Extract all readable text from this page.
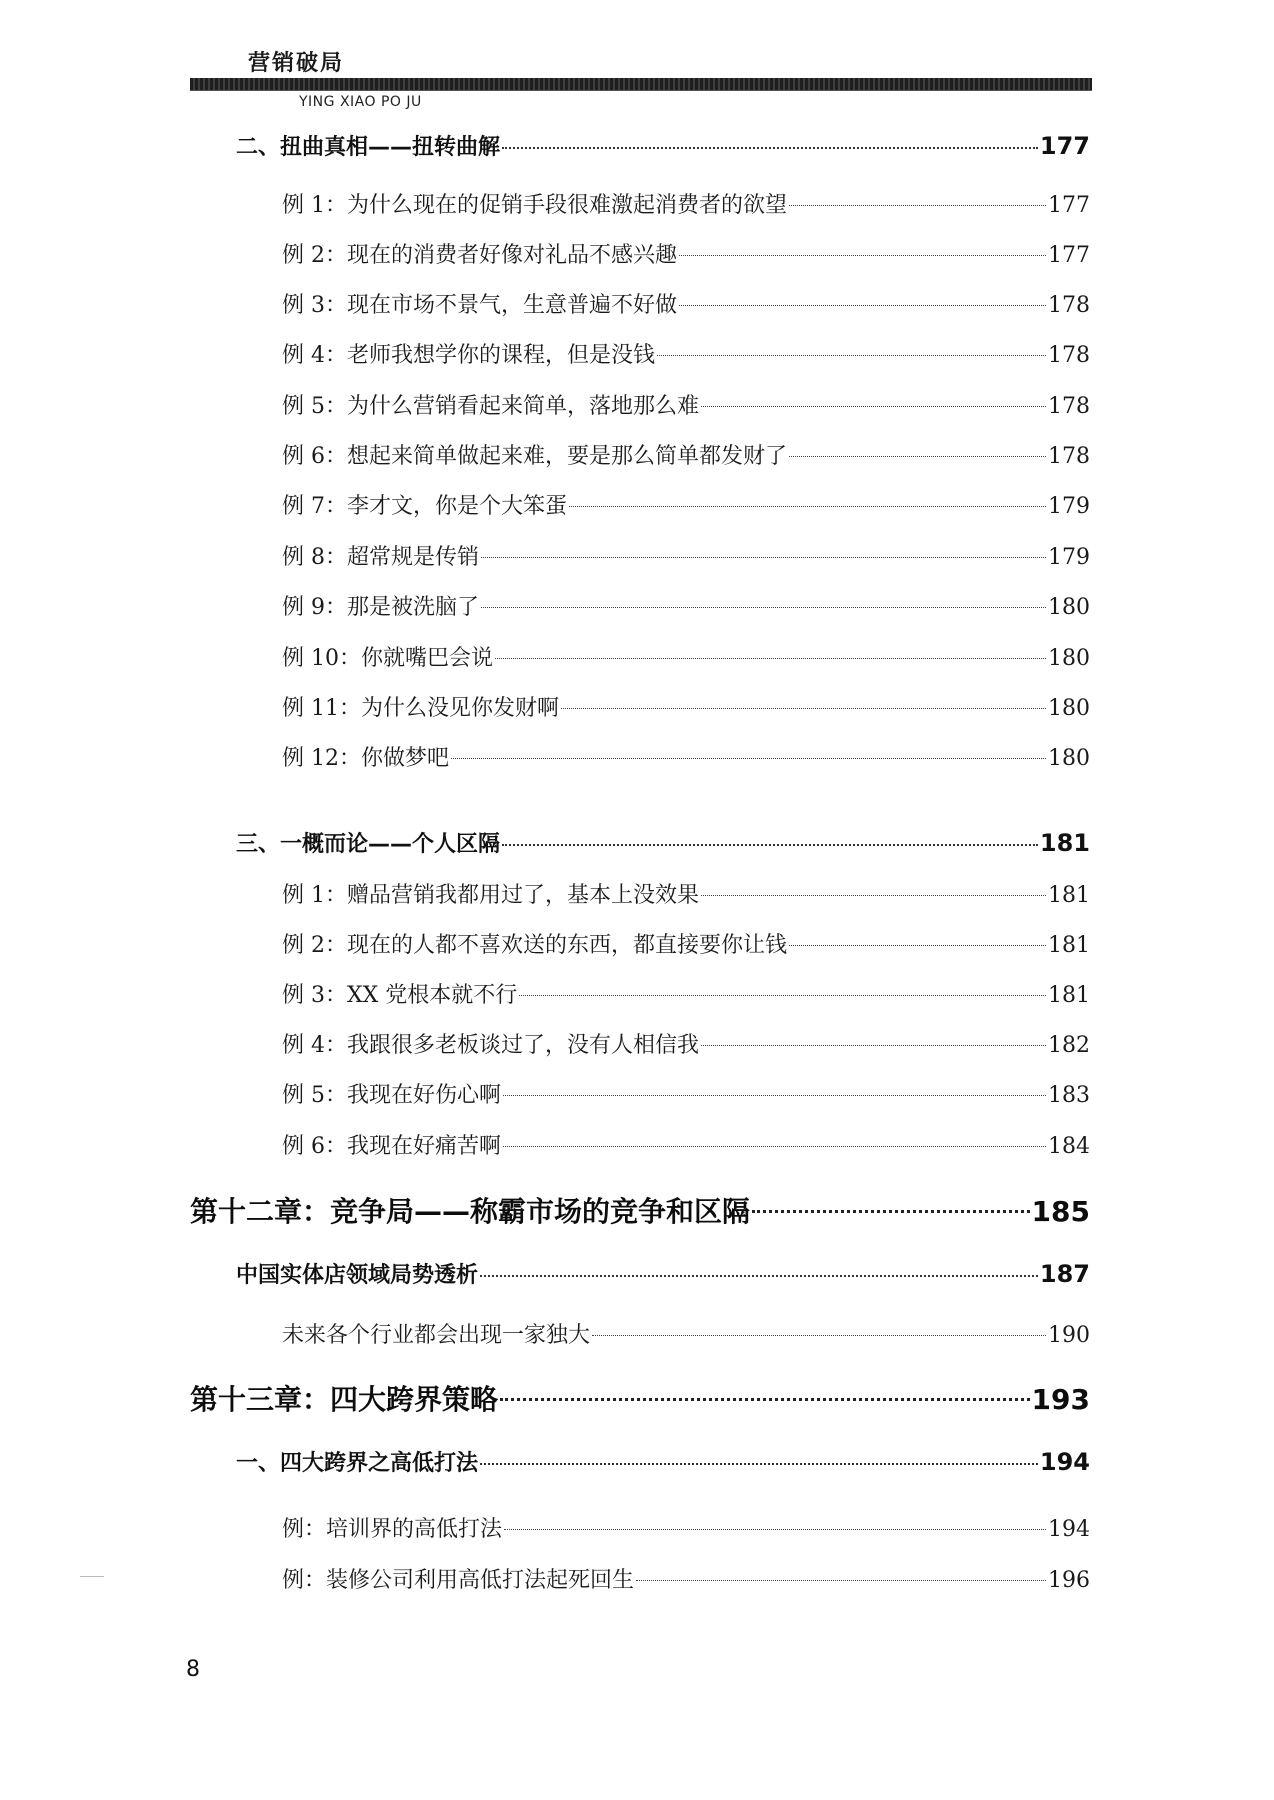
营销破局
YING XIAO PO JU
二、扭曲真相——扭转曲解	177
例 1：为什么现在的促销手段很难激起消费者的欲望	177
例 2：现在的消费者好像对礼品不感兴趣	177
例 3：现在市场不景气，生意普遍不好做	178
例 4：老师我想学你的课程，但是没钱	178
例 5：为什么营销看起来简单，落地那么难	178
例 6：想起来简单做起来难，要是那么简单都发财了	178
例 7：李才文，你是个大笨蛋	179
例 8：超常规是传销	179
例 9：那是被洗脑了	180
例 10：你就嘴巴会说	180
例 11：为什么没见你发财啊	180
例 12：你做梦吧	180
三、一概而论——个人区隔	181
例 1：赠品营销我都用过了，基本上没效果	181
例 2：现在的人都不喜欢送的东西，都直接要你让钱	181
例 3：XX 党根本就不行	181
例 4：我跟很多老板谈过了，没有人相信我	182
例 5：我现在好伤心啊	183
例 6：我现在好痛苦啊	184
第十二章：竞争局——称霸市场的竞争和区隔	185
中国实体店领域局势透析	187
未来各个行业都会出现一家独大	190
第十三章：四大跨界策略	193
一、四大跨界之高低打法	194
例：培训界的高低打法	194
例：装修公司利用高低打法起死回生	196
8
